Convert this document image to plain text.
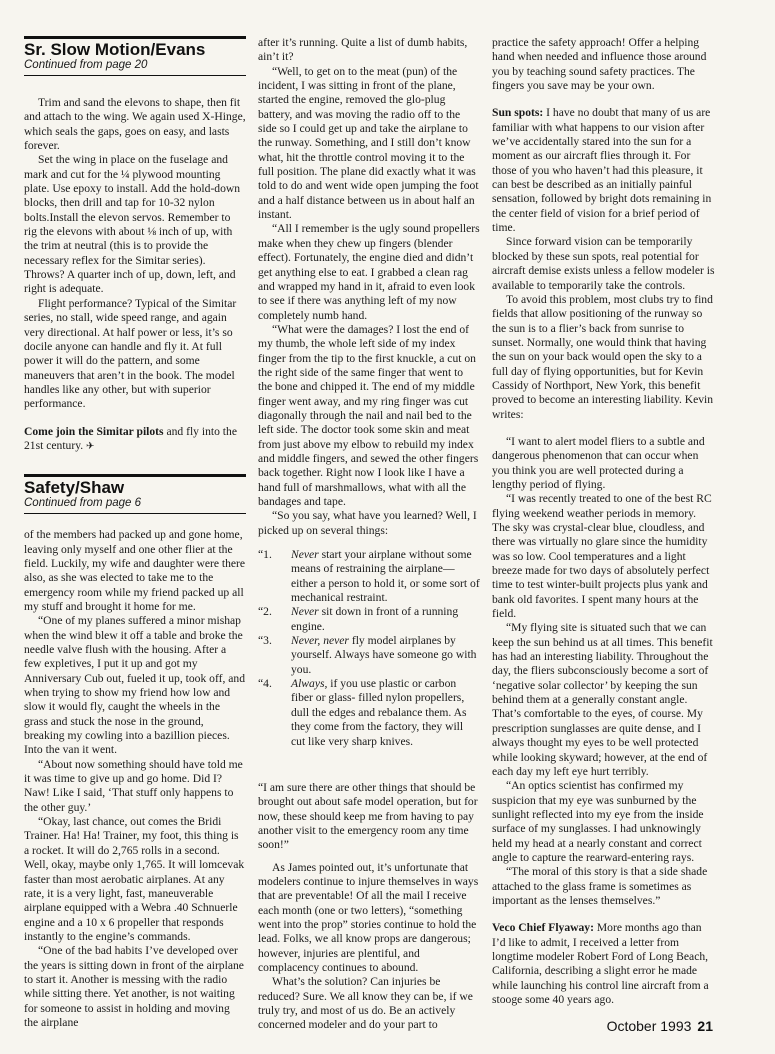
Sr. Slow Motion/Evans
Continued from page 20

Trim and sand the elevons to shape, then fit and attach to the wing. We again used X-Hinge, which seals the gaps, goes on easy, and lasts forever.

Set the wing in place on the fuselage and mark and cut for the ¼ plywood mounting plate. Use epoxy to install. Add the hold-down blocks, then drill and tap for 10-32 nylon bolts.Install the elevon servos. Remember to rig the elevons with about ⅛ inch of up, with the trim at neutral (this is to provide the necessary reflex for the Simitar series). Throws? A quarter inch of up, down, left, and right is adequate.

Flight performance? Typical of the Simitar series, no stall, wide speed range, and again very directional. At half power or less, it’s so docile anyone can handle and fly it. At full power it will do the pattern, and some maneuvers that aren’t in the book. The model handles like any other, but with superior performance.

Come join the Simitar pilots and fly into the 21st century. ✈

Safety/Shaw
Continued from page 6

of the members had packed up and gone home, leaving only myself and one other flier at the field. Luckily, my wife and daughter were there also, as she was elected to take me to the emergency room while my friend packed up all my stuff and brought it home for me.

“One of my planes suffered a minor mishap when the wind blew it off a table and broke the needle valve flush with the housing. After a few expletives, I put it up and got my Anniversary Cub out, fueled it up, took off, and when trying to show my friend how low and slow it would fly, caught the wheels in the grass and stuck the nose in the ground, breaking my cowling into a bazillion pieces. Into the van it went.

“About now something should have told me it was time to give up and go home. Did I? Naw! Like I said, ‘That stuff only happens to the other guy.’

“Okay, last chance, out comes the Bridi Trainer. Ha! Ha! Trainer, my foot, this thing is a rocket. It will do 2,765 rolls in a second. Well, okay, maybe only 1,765. It will lomcevak faster than most aerobatic airplanes. At any rate, it is a very light, fast, maneuverable airplane equipped with a Webra .40 Schnuerle engine and a 10 x 6 propeller that responds instantly to the engine’s commands.

“One of the bad habits I’ve developed over the years is sitting down in front of the airplane to start it. Another is messing with the radio while sitting there. Yet another, is not waiting for someone to assist in holding and moving the airplane

after it’s running. Quite a list of dumb habits, ain’t it?

“Well, to get on to the meat (pun) of the incident, I was sitting in front of the plane, started the engine, removed the glo-plug battery, and was moving the radio off to the side so I could get up and take the airplane to the runway. Something, and I still don’t know what, hit the throttle control moving it to the full position. The plane did exactly what it was told to do and went wide open jumping the foot and a half distance between us in about half an instant.

“All I remember is the ugly sound propellers make when they chew up fingers (blender effect). Fortunately, the engine died and didn’t get anything else to eat. I grabbed a clean rag and wrapped my hand in it, afraid to even look to see if there was anything left of my now completely numb hand.

“What were the damages? I lost the end of my thumb, the whole left side of my index finger from the tip to the first knuckle, a cut on the right side of the same finger that went to the bone and chipped it. The end of my middle finger went away, and my ring finger was cut diagonally through the nail and nail bed to the left side. The doctor took some skin and meat from just above my elbow to rebuild my index and middle fingers, and sewed the other fingers back together. Right now I look like I have a hand full of marshmallows, what with all the bandages and tape.

“So you say, what have you learned? Well, I picked up on several things:

“1. Never start your airplane without some means of restraining the airplane—either a person to hold it, or some sort of mechanical restraint.
“2. Never sit down in front of a running engine.
“3. Never, never fly model airplanes by yourself. Always have someone go with you.
“4. Always, if you use plastic or carbon fiber or glass- filled nylon propellers, dull the edges and rebalance them. As they come from the factory, they will cut like very sharp knives.

“I am sure there are other things that should be brought out about safe model operation, but for now, these should keep me from having to pay another visit to the emergency room any time soon!”

As James pointed out, it’s unfortunate that modelers continue to injure themselves in ways that are preventable! Of all the mail I receive each month (one or two letters), “something went into the prop” stories continue to hold the lead. Folks, we all know props are dangerous; however, injuries are plentiful, and complacency continues to abound.

What’s the solution? Can injuries be reduced? Sure. We all know they can be, if we truly try, and most of us do. Be an actively concerned modeler and do your part to

practice the safety approach! Offer a helping hand when needed and influence those around you by teaching sound safety practices. The fingers you save may be your own.

Sun spots: I have no doubt that many of us are familiar with what happens to our vision after we’ve accidentally stared into the sun for a moment as our aircraft flies through it. For those of you who haven’t had this pleasure, it can best be described as an initially painful sensation, followed by bright dots remaining in the center field of vision for a brief period of time.

Since forward vision can be temporarily blocked by these sun spots, real potential for aircraft demise exists unless a fellow modeler is available to temporarily take the controls.

To avoid this problem, most clubs try to find fields that allow positioning of the runway so the sun is to a flier’s back from sunrise to sunset. Normally, one would think that having the sun on your back would open the sky to a full day of flying opportunities, but for Kevin Cassidy of Northport, New York, this benefit proved to become an interesting liability. Kevin writes:

“I want to alert model fliers to a subtle and dangerous phenomenon that can occur when you think you are well protected during a lengthy period of flying.

“I was recently treated to one of the best RC flying weekend weather periods in memory. The sky was crystal-clear blue, cloudless, and there was virtually no glare since the humidity was so low. Cool temperatures and a light breeze made for two days of absolutely perfect time to test winter-built projects plus yank and bank old favorites. I spent many hours at the field.

“My flying site is situated such that we can keep the sun behind us at all times. This benefit has had an interesting liability. Throughout the day, the fliers subconsciously become a sort of ‘negative solar collector’ by keeping the sun behind them at a generally constant angle. That’s comfortable to the eyes, of course. My prescription sunglasses are quite dense, and I always thought my eyes to be well protected while looking skyward; however, at the end of each day my left eye hurt terribly.

“An optics scientist has confirmed my suspicion that my eye was sunburned by the sunlight reflected into my eye from the inside surface of my sunglasses. I had unknowingly held my head at a nearly constant and correct angle to capture the rearward-entering rays.

“The moral of this story is that a side shade attached to the glass frame is sometimes as important as the lenses themselves.”

Veco Chief Flyaway: More months ago than I’d like to admit, I received a letter from longtime modeler Robert Ford of Long Beach, California, describing a slight error he made while launching his control line aircraft from a stooge some 40 years ago.

October 1993 21
